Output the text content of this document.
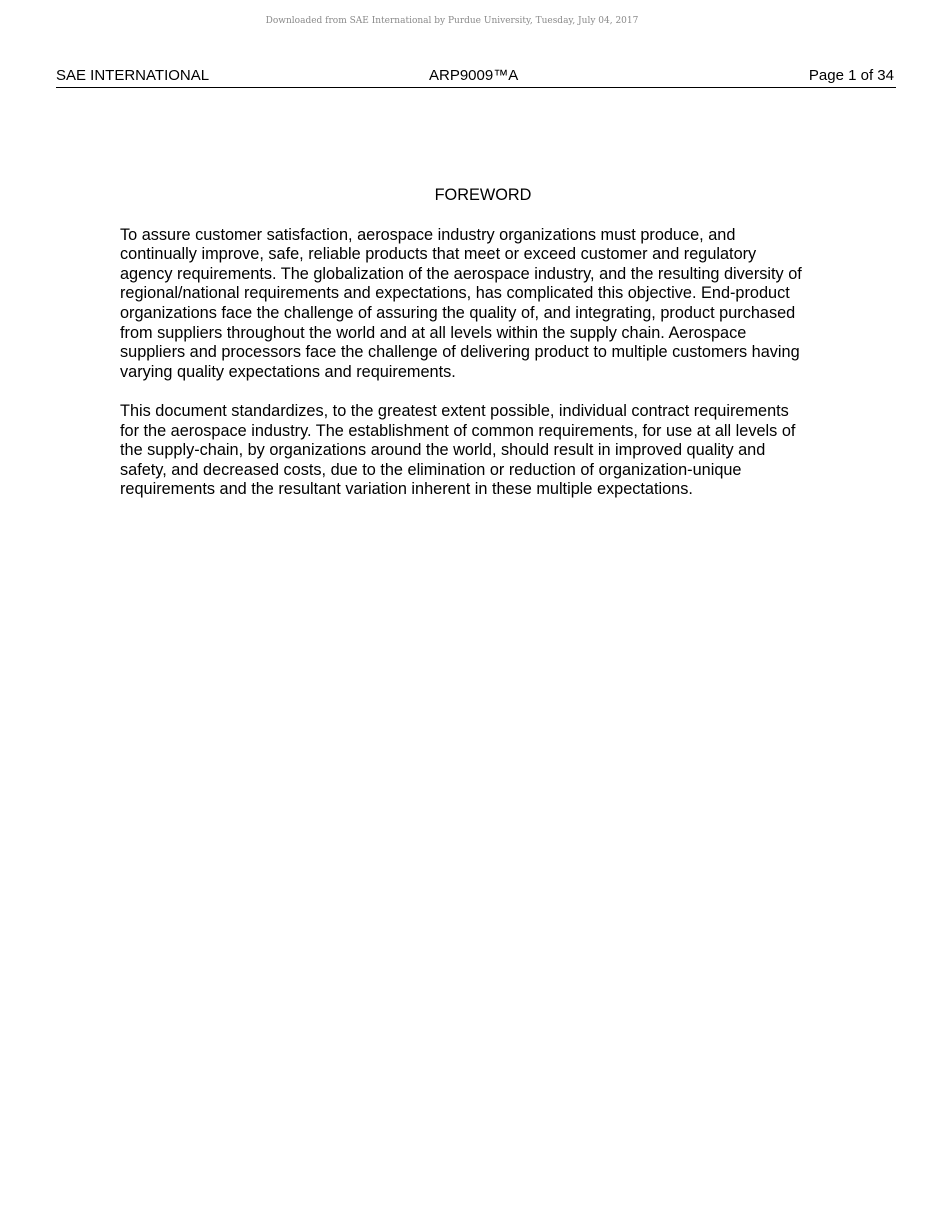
Downloaded from SAE International by Purdue University, Tuesday, July 04, 2017
SAE INTERNATIONAL	ARP9009™A	Page 1 of 34
FOREWORD

To assure customer satisfaction, aerospace industry organizations must produce, and
continually improve, safe, reliable products that meet or exceed customer and regulatory
agency requirements. The globalization of the aerospace industry, and the resulting diversity of
regional/national requirements and expectations, has complicated this objective. End-product
organizations face the challenge of assuring the quality of, and integrating, product purchased
from suppliers throughout the world and at all levels within the supply chain. Aerospace
suppliers and processors face the challenge of delivering product to multiple customers having
varying quality expectations and requirements.

This document standardizes, to the greatest extent possible, individual contract requirements
for the aerospace industry. The establishment of common requirements, for use at all levels of
the supply-chain, by organizations around the world, should result in improved quality and
safety, and decreased costs, due to the elimination or reduction of organization-unique
requirements and the resultant variation inherent in these multiple expectations.
